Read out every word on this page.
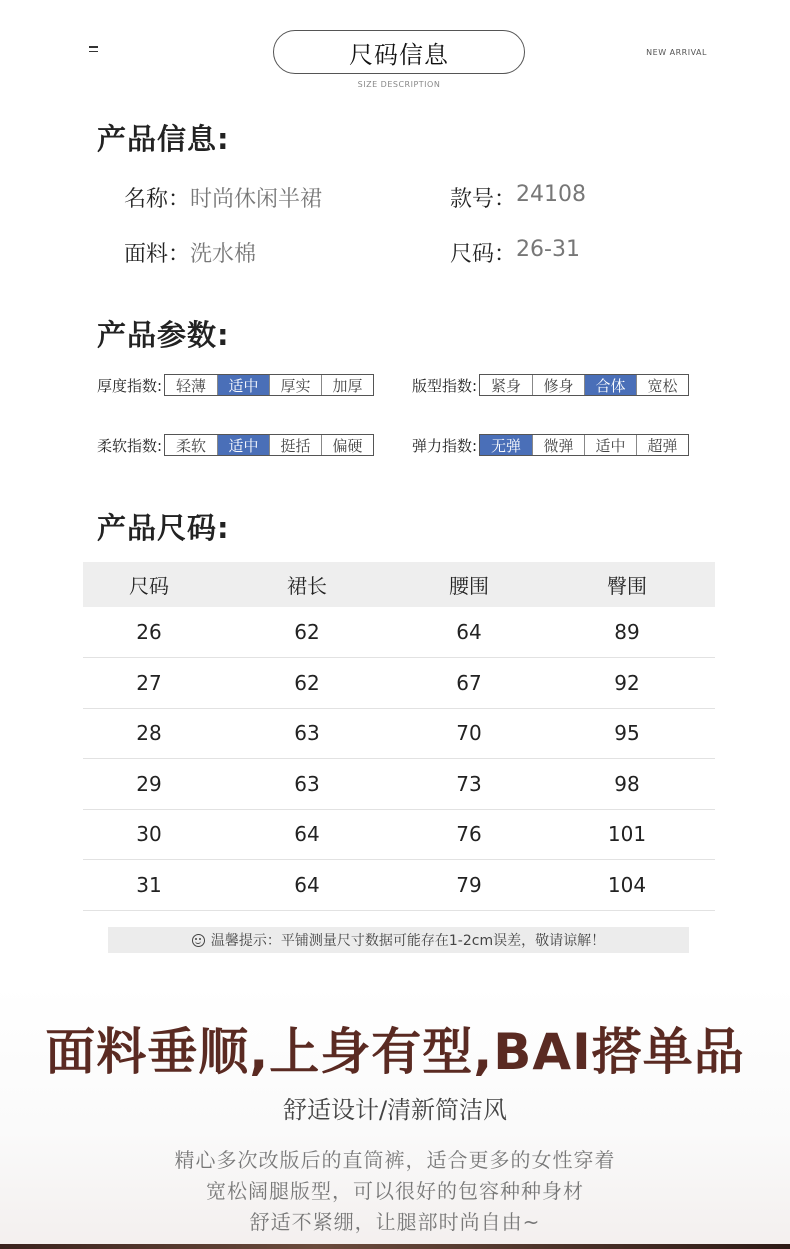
尺码信息
SIZE DESCRIPTION
NEW ARRIVAL
产品信息:
名称： 时尚休闲半裙	款号： 24108
面料： 洗水棉	尺码： 26-31
产品参数:
厚度指数: 轻薄	适中	厚实	加厚	版型指数: 紧身	修身	合体	宽松
柔软指数: 柔软	适中	挺括	偏硬	弹力指数: 无弹	微弹	适中	超弹
产品尺码:
尺码	裙长	腰围	臀围
26	62	64	89
27	62	67	92
28	63	70	95
29	63	73	98
30	64	76	101
31	64	79	104
温馨提示：平铺测量尺寸数据可能存在1-2cm误差，敬请谅解！
面料垂顺,上身有型,BAI搭单品
舒适设计/清新简洁风
精心多次改版后的直筒裤，适合更多的女性穿着
宽松阔腿版型，可以很好的包容种种身材
舒适不紧绷，让腿部时尚自由~
